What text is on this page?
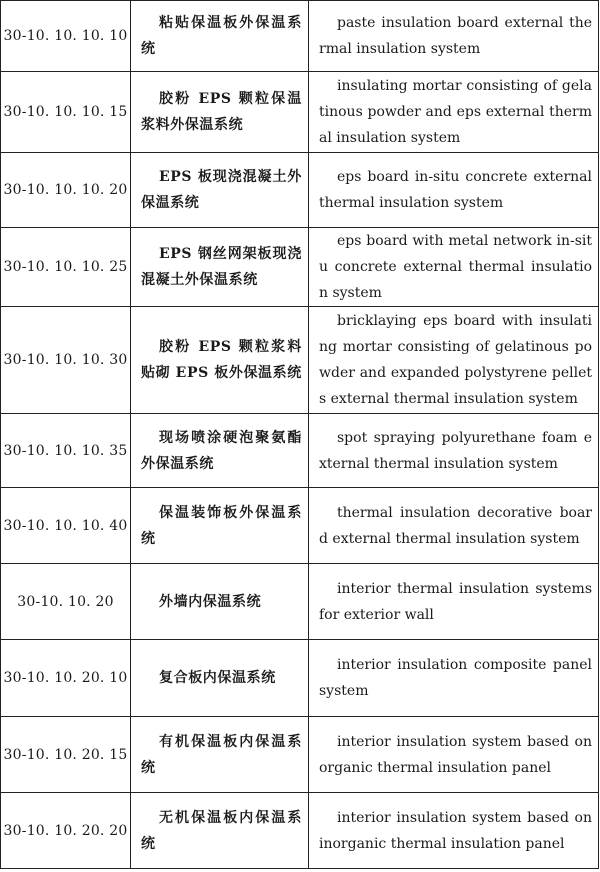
30-10. 10. 10. 10	粘贴保温板外保温系统	paste insulation board external thermal insulation system

30-10. 10. 10. 15	胶粉 EPS 颗粒保温浆料外保温系统	insulating mortar consisting of gelatinous powder and eps external thermal insulation system

30-10. 10. 10. 20	EPS 板现浇混凝土外保温系统	eps board in-situ concrete external thermal insulation system

30-10. 10. 10. 25	EPS 钢丝网架板现浇混凝土外保温系统	eps board with metal network in-situ concrete external thermal insulation system

30-10. 10. 10. 30	胶粉 EPS 颗粒浆料贴砌 EPS 板外保温系统	bricklaying eps board with insulating mortar consisting of gelatinous powder and expanded polystyrene pellets external thermal insulation system

30-10. 10. 10. 35	现场喷涂硬泡聚氨酯外保温系统	spot spraying polyurethane foam external thermal insulation system

30-10. 10. 10. 40	保温装饰板外保温系统	thermal insulation decorative board external thermal insulation system

30-10. 10. 20	外墙内保温系统	interior thermal insulation systems for exterior wall

30-10. 10. 20. 10	复合板内保温系统	interior insulation composite panel system

30-10. 10. 20. 15	有机保温板内保温系统	interior insulation system based on organic thermal insulation panel

30-10. 10. 20. 20	无机保温板内保温系统	interior insulation system based on inorganic thermal insulation panel
